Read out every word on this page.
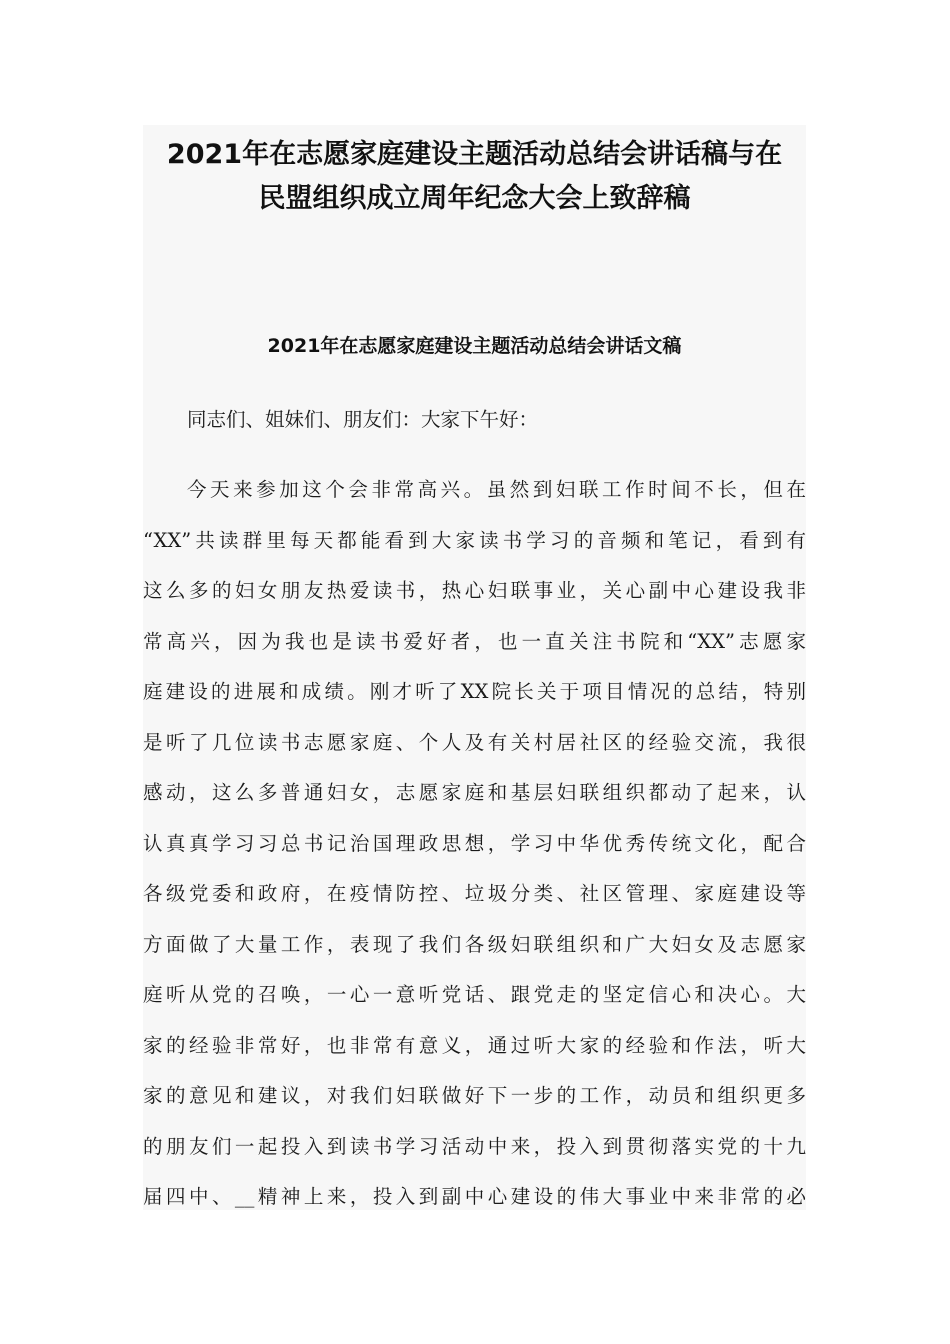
2021年在志愿家庭建设主题活动总结会讲话稿与在
民盟组织成立周年纪念大会上致辞稿
2021年在志愿家庭建设主题活动总结会讲话文稿

同志们、姐妹们、朋友们：大家下午好：

今天来参加这个会非常高兴。虽然到妇联工作时间不长，但在
“XX”共读群里每天都能看到大家读书学习的音频和笔记，看到有
这么多的妇女朋友热爱读书，热心妇联事业，关心副中心建设我非
常高兴，因为我也是读书爱好者，也一直关注书院和“XX”志愿家
庭建设的进展和成绩。刚才听了XX院长关于项目情况的总结，特别
是听了几位读书志愿家庭、个人及有关村居社区的经验交流，我很
感动，这么多普通妇女，志愿家庭和基层妇联组织都动了起来，认
认真真学习习总书记治国理政思想，学习中华优秀传统文化，配合
各级党委和政府，在疫情防控、垃圾分类、社区管理、家庭建设等
方面做了大量工作，表现了我们各级妇联组织和广大妇女及志愿家
庭听从党的召唤，一心一意听党话、跟党走的坚定信心和决心。大
家的经验非常好，也非常有意义，通过听大家的经验和作法，听大
家的意见和建议，对我们妇联做好下一步的工作，动员和组织更多
的朋友们一起投入到读书学习活动中来，投入到贯彻落实党的十九
届四中、__精神上来，投入到副中心建设的伟大事业中来非常的必
